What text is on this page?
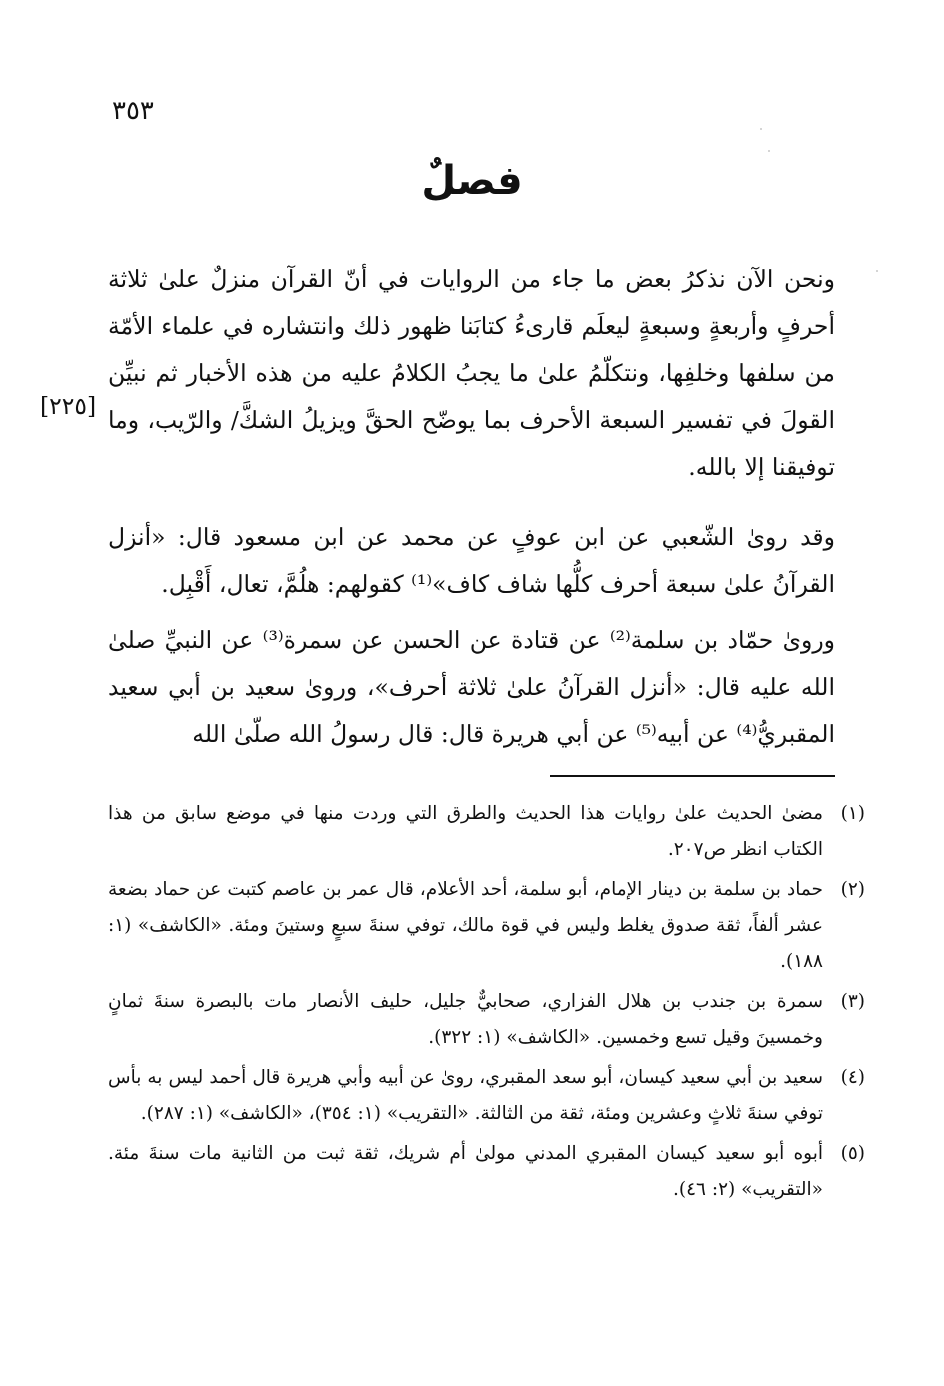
٣٥٣
فصلٌ

ونحن الآن نذكرُ بعض ما جاء من الروايات في أنّ القرآن منزلٌ علىٰ ثلاثة أحرفٍ وأربعةٍ وسبعةٍ ليعلَم قارىءُ كتابَنا ظهور ذلك وانتشاره في علماء الأمّة من سلفها وخلفِها، ونتكلّمُ علىٰ ما يجبُ الكلامُ عليه من هذه الأخبار ثم نبيِّن القولَ في تفسير السبعة الأحرف بما يوضّح الحقَّ ويزيلُ الشكَّ/ والرّيب، وما توفيقنا إلا بالله.

[٢٢٥]

وقد روىٰ الشّعبي عن ابن عوفٍ عن محمد عن ابن مسعود قال: «أنزل القرآنُ علىٰ سبعة أحرف كلُّها شاف كاف»⁽¹⁾ كقولهم: هلُمَّ، تعال، أَقْبِل.

وروىٰ حمّاد بن سلمة⁽²⁾ عن قتادة عن الحسن عن سمرة⁽³⁾ عن النبيِّ صلىٰ الله عليه قال: «أنزل القرآنُ علىٰ ثلاثة أحرف»، وروىٰ سعيد بن أبي سعيد المقبريُّ⁽⁴⁾ عن أبيه⁽⁵⁾ عن أبي هريرة قال: قال رسولُ الله صلّىٰ الله

(١)
مضىٰ الحديث علىٰ روايات هذا الحديث والطرق التي وردت منها في موضع سابق من هذا الكتاب انظر ص٢٠٧.

(٢)
حماد بن سلمة بن دينار الإمام، أبو سلمة، أحد الأعلام، قال عمر بن عاصم كتبت عن حماد بضعة عشر ألفاً، ثقة صدوق يغلط وليس في قوة مالك، توفي سنةَ سبعٍ وستينَ ومئة. «الكاشف» (١: ١٨٨).

(٣)
سمرة بن جندب بن هلال الفزاري، صحابيٌّ جليل، حليف الأنصار مات بالبصرة سنةَ ثمانٍ وخمسينَ وقيل تسع وخمسين. «الكاشف» (١: ٣٢٢).

(٤)
سعيد بن أبي سعيد كيسان، أبو سعد المقبري، روىٰ عن أبيه وأبي هريرة قال أحمد ليس به بأس توفي سنةَ ثلاثٍ وعشرين ومئة، ثقة من الثالثة. «التقريب» (١: ٣٥٤)، «الكاشف» (١: ٢٨٧).

(٥)
أبوه أبو سعيد كيسان المقبري المدني مولىٰ أم شريك، ثقة ثبت من الثانية مات سنةَ مئة. «التقريب» (٢: ٤٦).
